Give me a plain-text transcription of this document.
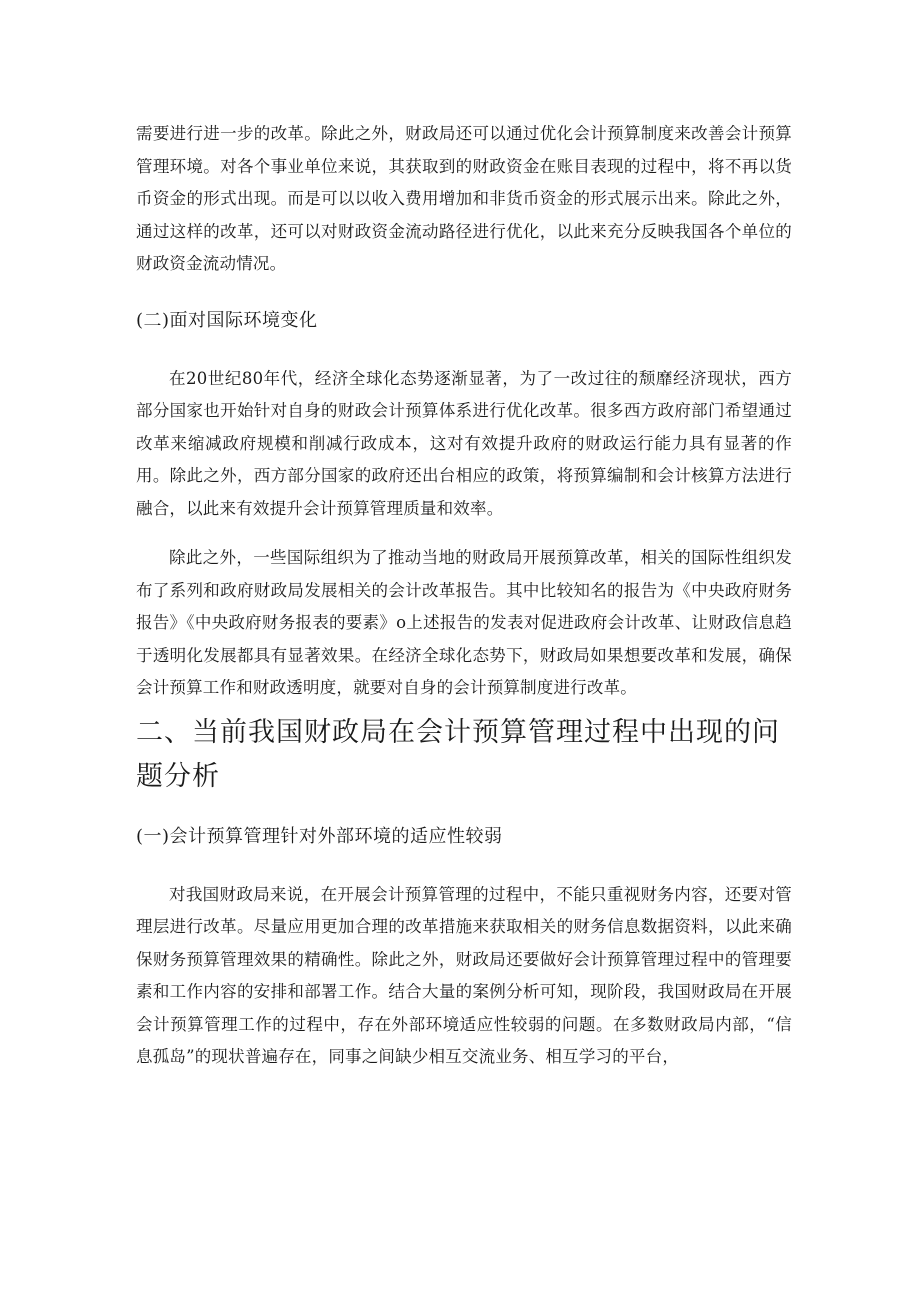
需要进行进一步的改革。除此之外，财政局还可以通过优化会计预算制度来改善会计预算管理环境。对各个事业单位来说，其获取到的财政资金在账目表现的过程中，将不再以货币资金的形式出现。而是可以以收入费用增加和非货币资金的形式展示出来。除此之外，通过这样的改革，还可以对财政资金流动路径进行优化，以此来充分反映我国各个单位的财政资金流动情况。

(二)面对国际环境变化

在20世纪80年代，经济全球化态势逐渐显著，为了一改过往的颓靡经济现状，西方部分国家也开始针对自身的财政会计预算体系进行优化改革。很多西方政府部门希望通过改革来缩减政府规模和削减行政成本，这对有效提升政府的财政运行能力具有显著的作用。除此之外，西方部分国家的政府还出台相应的政策，将预算编制和会计核算方法进行融合，以此来有效提升会计预算管理质量和效率。

除此之外，一些国际组织为了推动当地的财政局开展预算改革，相关的国际性组织发布了系列和政府财政局发展相关的会计改革报告。其中比较知名的报告为《中央政府财务报告》《中央政府财务报表的要素》o上述报告的发表对促进政府会计改革、让财政信息趋于透明化发展都具有显著效果。在经济全球化态势下，财政局如果想要改革和发展，确保会计预算工作和财政透明度，就要对自身的会计预算制度进行改革。

二、当前我国财政局在会计预算管理过程中出现的问题分析
(一)会计预算管理针对外部环境的适应性较弱

对我国财政局来说，在开展会计预算管理的过程中，不能只重视财务内容，还要对管理层进行改革。尽量应用更加合理的改革措施来获取相关的财务信息数据资料，以此来确保财务预算管理效果的精确性。除此之外，财政局还要做好会计预算管理过程中的管理要素和工作内容的安排和部署工作。结合大量的案例分析可知，现阶段，我国财政局在开展会计预算管理工作的过程中，存在外部环境适应性较弱的问题。在多数财政局内部，“信息孤岛”的现状普遍存在，同事之间缺少相互交流业务、相互学习的平台，
